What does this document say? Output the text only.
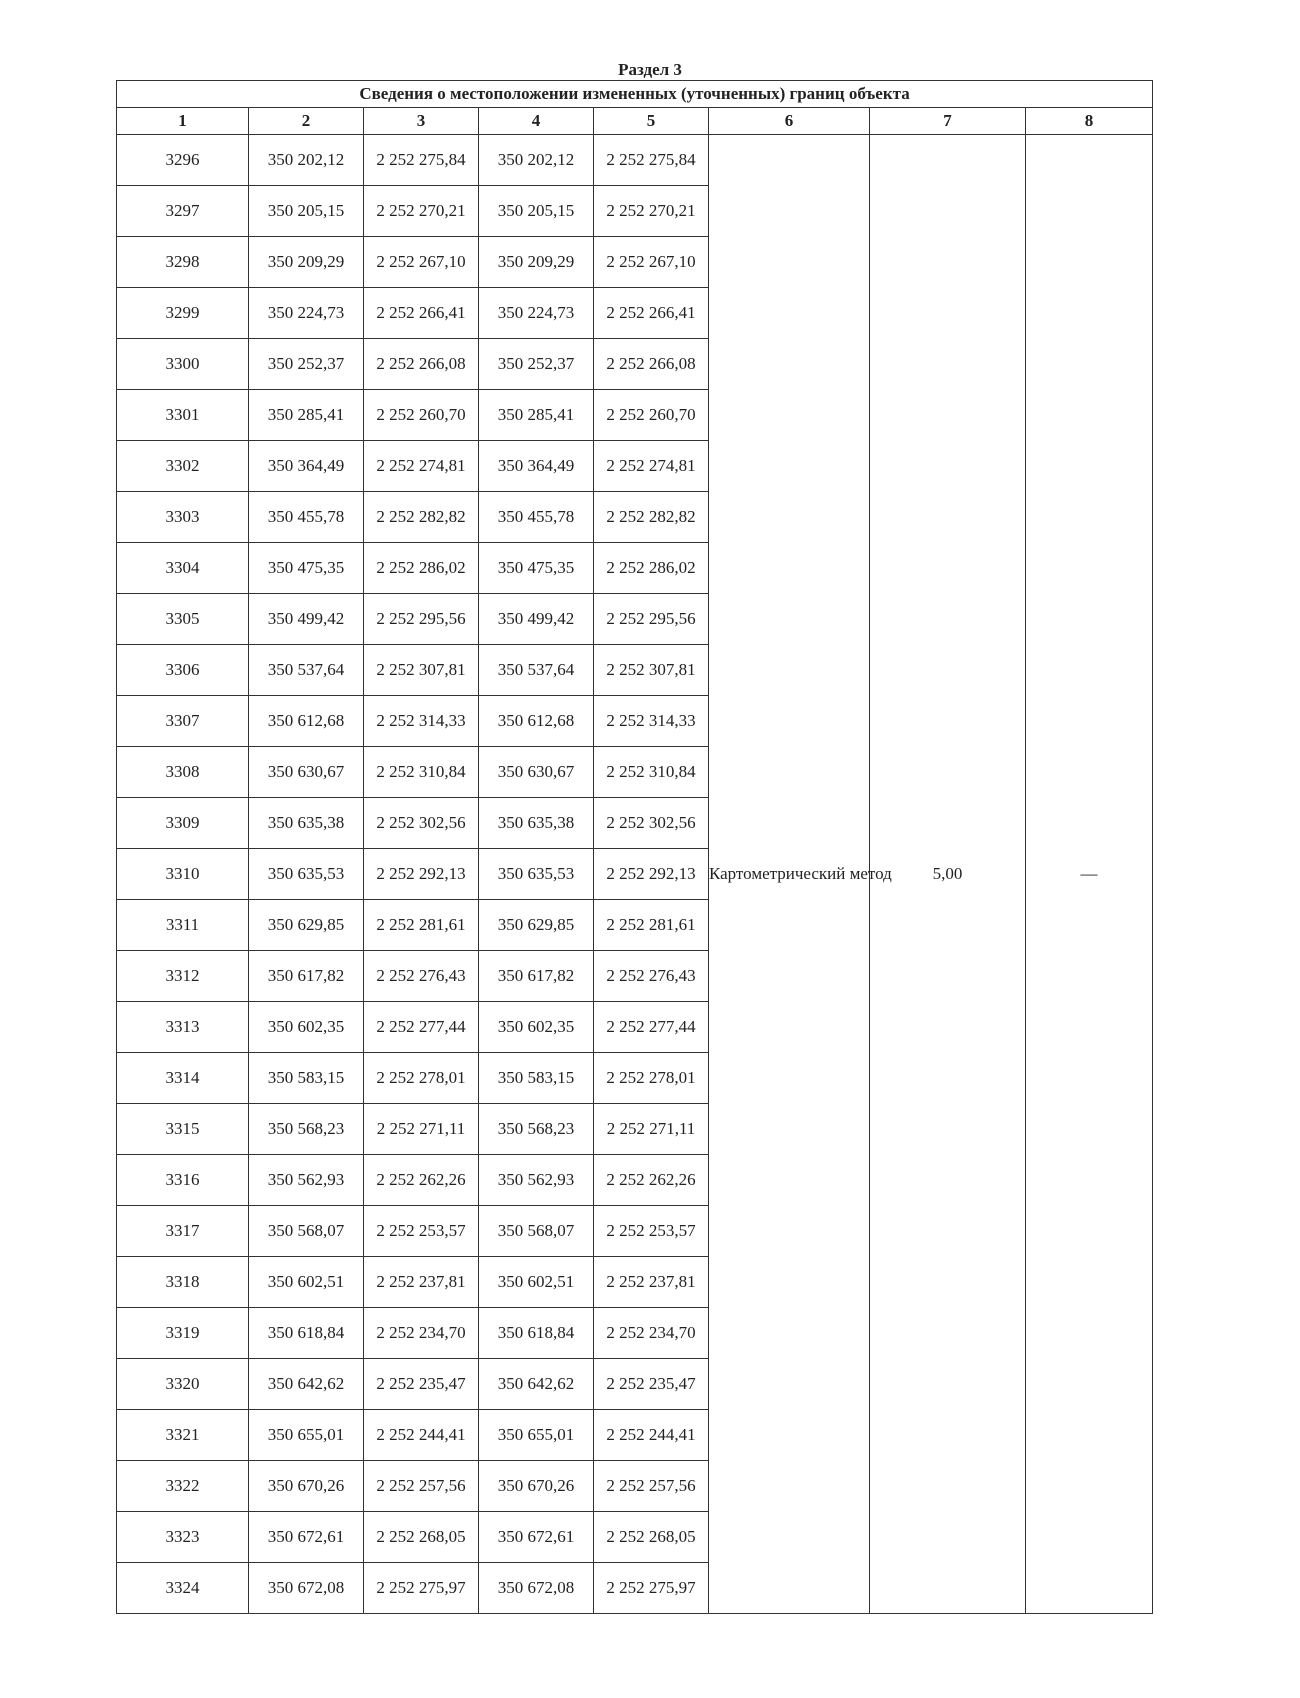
Раздел 3
Сведения о местоположении измененных (уточненных) границ объекта							
1	2	3	4	5	6	7	8
3296	350 202,12	2 252 275,84	350 202,12	2 252 275,84	Картометрический метод	5,00	—
3297	350 205,15	2 252 270,21	350 205,15	2 252 270,21			
3298	350 209,29	2 252 267,10	350 209,29	2 252 267,10			
3299	350 224,73	2 252 266,41	350 224,73	2 252 266,41			
3300	350 252,37	2 252 266,08	350 252,37	2 252 266,08			
3301	350 285,41	2 252 260,70	350 285,41	2 252 260,70			
3302	350 364,49	2 252 274,81	350 364,49	2 252 274,81			
3303	350 455,78	2 252 282,82	350 455,78	2 252 282,82			
3304	350 475,35	2 252 286,02	350 475,35	2 252 286,02			
3305	350 499,42	2 252 295,56	350 499,42	2 252 295,56			
3306	350 537,64	2 252 307,81	350 537,64	2 252 307,81			
3307	350 612,68	2 252 314,33	350 612,68	2 252 314,33			
3308	350 630,67	2 252 310,84	350 630,67	2 252 310,84			
3309	350 635,38	2 252 302,56	350 635,38	2 252 302,56			
3310	350 635,53	2 252 292,13	350 635,53	2 252 292,13			
3311	350 629,85	2 252 281,61	350 629,85	2 252 281,61			
3312	350 617,82	2 252 276,43	350 617,82	2 252 276,43			
3313	350 602,35	2 252 277,44	350 602,35	2 252 277,44			
3314	350 583,15	2 252 278,01	350 583,15	2 252 278,01			
3315	350 568,23	2 252 271,11	350 568,23	2 252 271,11			
3316	350 562,93	2 252 262,26	350 562,93	2 252 262,26			
3317	350 568,07	2 252 253,57	350 568,07	2 252 253,57			
3318	350 602,51	2 252 237,81	350 602,51	2 252 237,81			
3319	350 618,84	2 252 234,70	350 618,84	2 252 234,70			
3320	350 642,62	2 252 235,47	350 642,62	2 252 235,47			
3321	350 655,01	2 252 244,41	350 655,01	2 252 244,41			
3322	350 670,26	2 252 257,56	350 670,26	2 252 257,56			
3323	350 672,61	2 252 268,05	350 672,61	2 252 268,05			
3324	350 672,08	2 252 275,97	350 672,08	2 252 275,97			
